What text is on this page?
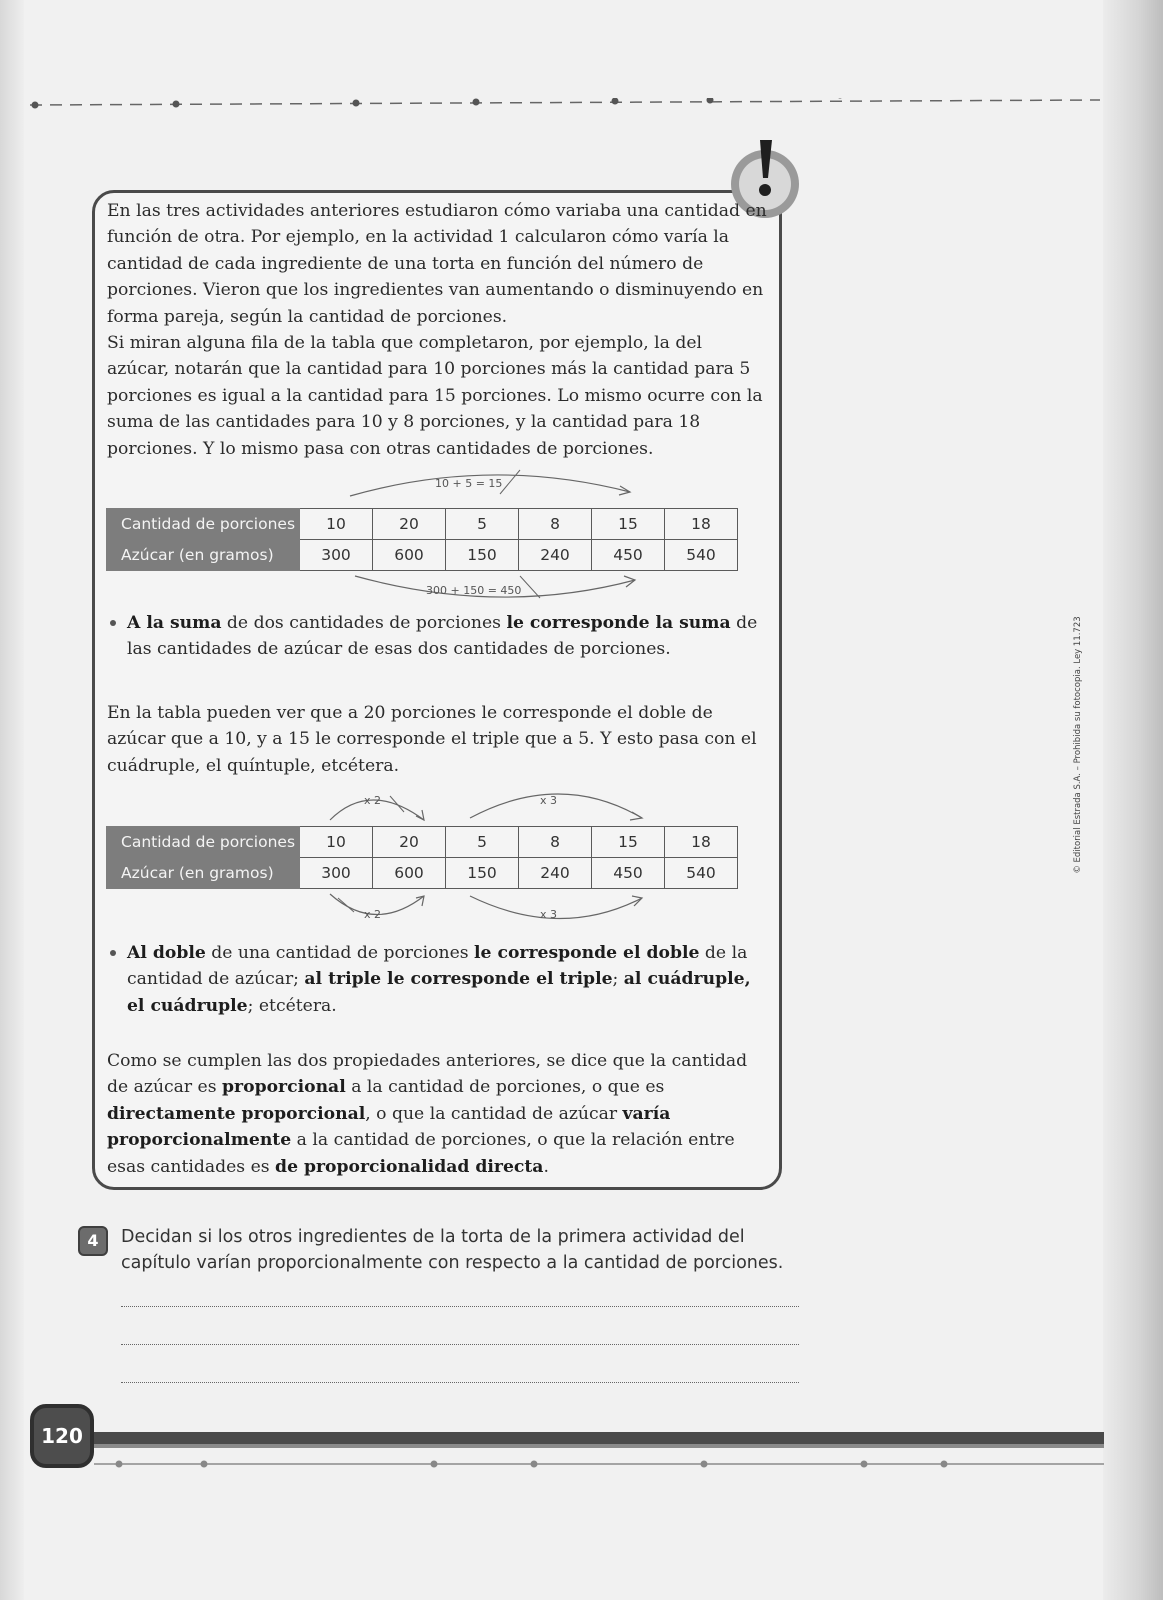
En las tres actividades anteriores estudiaron cómo variaba una cantidad en función de otra. Por ejemplo, en la actividad 1 calcularon cómo varía la cantidad de cada ingrediente de una torta en función del número de porciones. Vieron que los ingredientes van aumentando o disminuyendo en forma pareja, según la cantidad de porciones.

Si miran alguna fila de la tabla que completaron, por ejemplo, la del azúcar, notarán que la cantidad para 10 porciones más la cantidad para 5 porciones es igual a la cantidad para 15 porciones. Lo mismo ocurre con la suma de las cantidades para 10 y 8 porciones, y la cantidad para 18 porciones. Y lo mismo pasa con otras cantidades de porciones.

10 + 5 = 15
Cantidad de porciones	10	20	5	8	15	18
Azúcar (en gramos)	300	600	150	240	450	540
300 + 150 = 450

A la suma de dos cantidades de porciones le corresponde la suma de las cantidades de azúcar de esas dos cantidades de porciones.

En la tabla pueden ver que a 20 porciones le corresponde el doble de azúcar que a 10, y a 15 le corresponde el triple que a 5. Y esto pasa con el cuádruple, el quíntuple, etcétera.

x 2	x 3
Cantidad de porciones	10	20	5	8	15	18
Azúcar (en gramos)	300	600	150	240	450	540
x 2	x 3

Al doble de una cantidad de porciones le corresponde el doble de la cantidad de azúcar; al triple le corresponde el triple; al cuádruple, el cuádruple; etcétera.

Como se cumplen las dos propiedades anteriores, se dice que la cantidad de azúcar es proporcional a la cantidad de porciones, o que es directamente proporcional, o que la cantidad de azúcar varía proporcionalmente a la cantidad de porciones, o que la relación entre esas cantidades es de proporcionalidad directa.

4	Decidan si los otros ingredientes de la torta de la primera actividad del capítulo varían proporcionalmente con respecto a la cantidad de porciones.

120
© Editorial Estrada S.A. – Prohibida su fotocopia. Ley 11.723
